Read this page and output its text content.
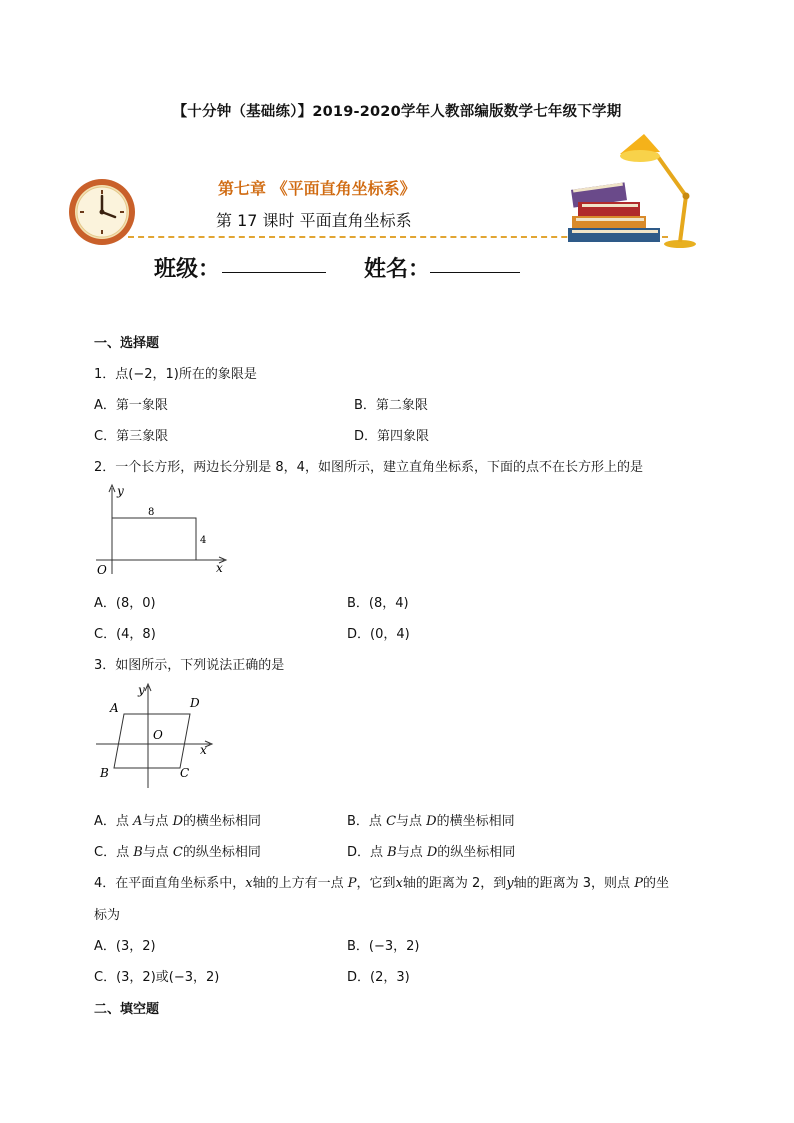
【十分钟（基础练）】2019-2020学年人教部编版数学七年级下学期
第七章 《平面直角坐标系》
第 17 课时 平面直角坐标系
班级：	姓名：
一、选择题
1．点(−2，1)所在的象限是
A．第一象限	B．第二象限
C．第三象限	D．第四象限
2．一个长方形，两边长分别是 8，4，如图所示，建立直角坐标系，下面的点不在长方形上的是
y
x
O
8
4
A．(8，0)	B．(8，4)
C．(4，8)	D．(0，4)
3．如图所示，下列说法正确的是
y
x
O
A	D
B	C
A．点 A与点 D的横坐标相同	B．点 C与点 D的横坐标相同
C．点 B与点 C的纵坐标相同	D．点 B与点 D的纵坐标相同
4．在平面直角坐标系中，x轴的上方有一点 P，它到x轴的距离为 2，到y轴的距离为 3，则点 P的坐
标为
A．(3，2)	B．(−3，2)
C．(3，2)或(−3，2)	D．(2，3)
二、填空题
